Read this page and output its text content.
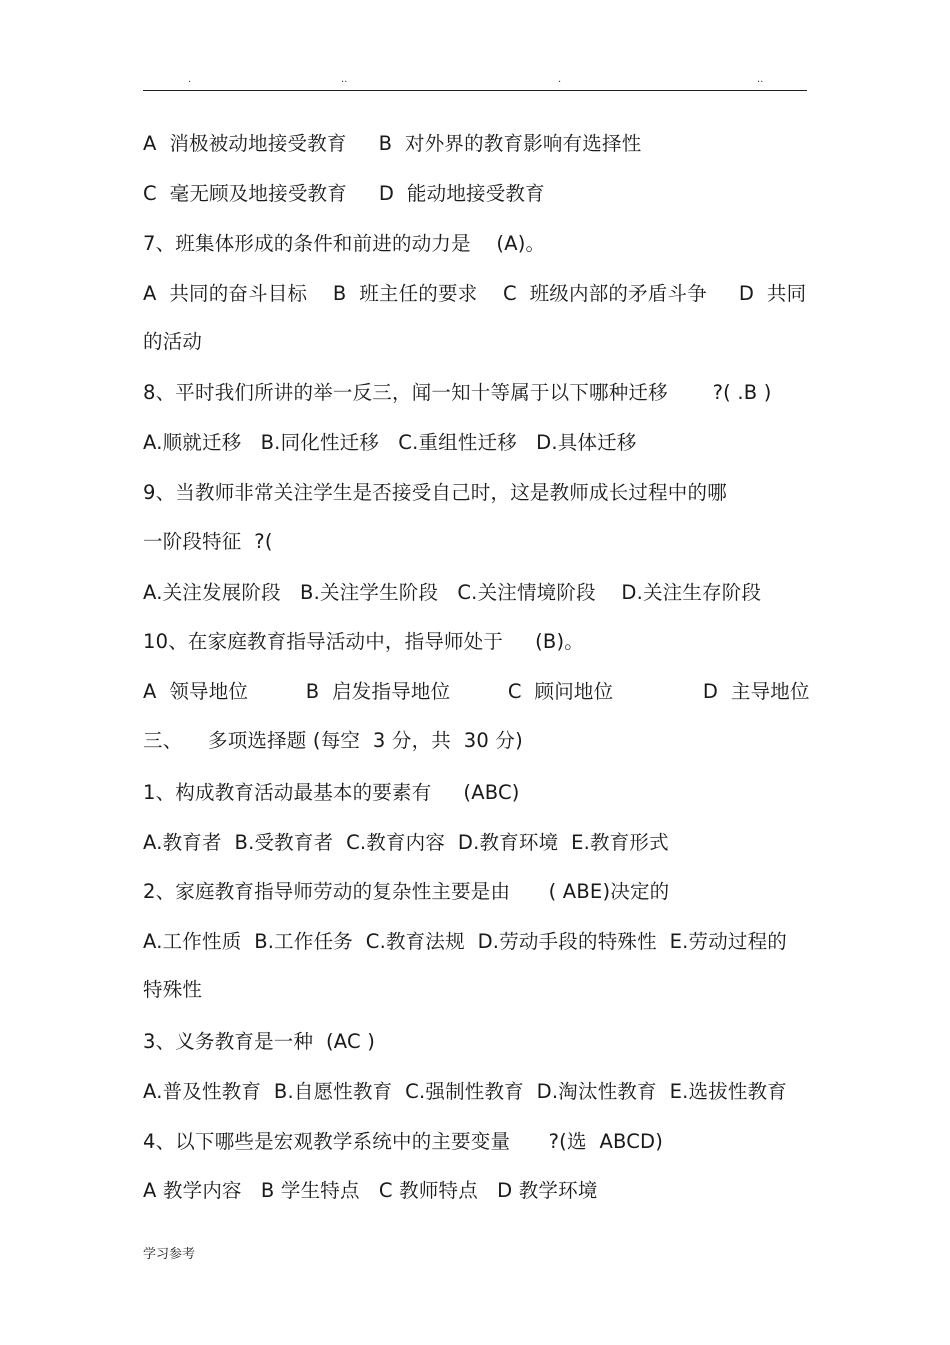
.	..	.	..
A  消极被动地接受教育     B  对外界的教育影响有选择性
C  毫无顾及地接受教育     D  能动地接受教育
7、班集体形成的条件和前进的动力是    (A)。
A  共同的奋斗目标    B  班主任的要求    C  班级内部的矛盾斗争     D  共同
的活动
8、平时我们所讲的举一反三，闻一知十等属于以下哪种迁移       ?( .B )
A.顺就迁移   B.同化性迁移   C.重组性迁移   D.具体迁移
9、当教师非常关注学生是否接受自己时，这是教师成长过程中的哪
一阶段特征  ?(
A.关注发展阶段   B.关注学生阶段   C.关注情境阶段    D.关注生存阶段
10、在家庭教育指导活动中，指导师处于     (B)。
A  领导地位         B  启发指导地位         C  顾问地位              D  主导地位
三、    多项选择题 (每空  3 分，共  30 分)
1、构成教育活动最基本的要素有     (ABC)
A.教育者  B.受教育者  C.教育内容  D.教育环境  E.教育形式
2、家庭教育指导师劳动的复杂性主要是由      ( ABE)决定的
A.工作性质  B.工作任务  C.教育法规  D.劳动手段的特殊性  E.劳动过程的
特殊性
3、义务教育是一种  (AC )
A.普及性教育  B.自愿性教育  C.强制性教育  D.淘汰性教育  E.选拔性教育
4、以下哪些是宏观教学系统中的主要变量      ?(选  ABCD)
A 教学内容   B 学生特点   C 教师特点   D 教学环境
学习参考
